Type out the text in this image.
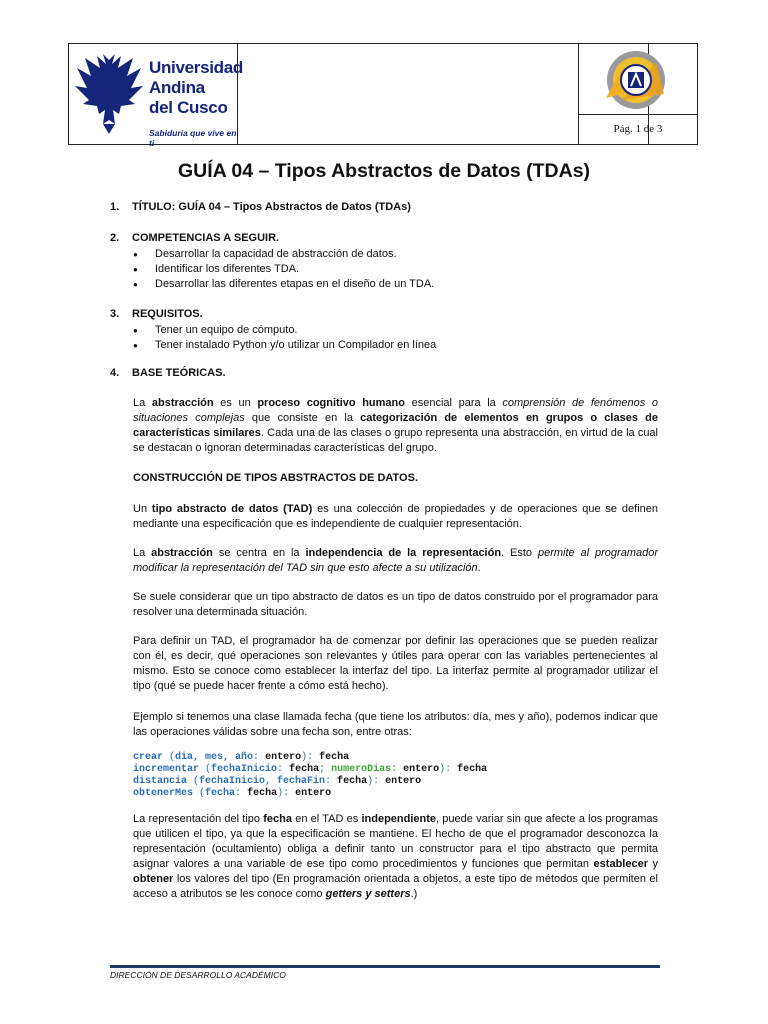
Universidad
Andina
del Cusco
Sabiduría que vive en ti
Pág. 1 de 3
GUÍA 04 – Tipos Abstractos de Datos (TDAs)
1. TÍTULO: GUÍA 04 – Tipos Abstractos de Datos (TDAs)
2. COMPETENCIAS A SEGUIR.
● Desarrollar la capacidad de abstracción de datos.
● Identificar los diferentes TDA.
● Desarrollar las diferentes etapas en el diseño de un TDA.
3. REQUISITOS.
● Tener un equipo de cómputo.
● Tener instalado Python y/o utilizar un Compilador en línea
4. BASE TEÓRICAS.

La abstracción es un proceso cognitivo humano esencial para la comprensión de fenómenos o situaciones complejas que consiste en la categorización de elementos en grupos o clases de características similares. Cada una de las clases o grupo representa una abstracción, en virtud de la cual se destacan o ignoran determinadas características del grupo.

CONSTRUCCIÓN DE TIPOS ABSTRACTOS DE DATOS.

Un tipo abstracto de datos (TAD) es una colección de propiedades y de operaciones que se definen mediante una especificación que es independiente de cualquier representación.

La abstracción se centra en la independencia de la representación. Esto permite al programador modificar la representación del TAD sin que esto afecte a su utilización.

Se suele considerar que un tipo abstracto de datos es un tipo de datos construido por el programador para resolver una determinada situación.

Para definir un TAD, el programador ha de comenzar por definir las operaciones que se pueden realizar con él, es decir, qué operaciones son relevantes y útiles para operar con las variables pertenecientes al mismo. Esto se conoce como establecer la interfaz del tipo. La interfaz permite al programador utilizar el tipo (qué se puede hacer frente a cómo está hecho).

Ejemplo si tenemos una clase llamada fecha (que tiene los atributos: día, mes y año), podemos indicar que las operaciones válidas sobre una fecha son, entre otras:

crear (dia, mes, año: entero): fecha
incrementar (fechaInicio: fecha; numeroDias: entero): fecha
distancia (fechaInicio, fechaFin: fecha): entero
obtenerMes (fecha: fecha): entero

La representación del tipo fecha en el TAD es independiente, puede variar sin que afecte a los programas que utilicen el tipo, ya que la especificación se mantiene. El hecho de que el programador desconozca la representación (ocultamiento) obliga a definir tanto un constructor para el tipo abstracto que permita asignar valores a una variable de ese tipo como procedimientos y funciones que permitan establecer y obtener los valores del tipo (En programación orientada a objetos, a este tipo de métodos que permiten el acceso a atributos se les conoce como getters y setters.)

DIRECCIÓN DE DESARROLLO ACADÉMICO
